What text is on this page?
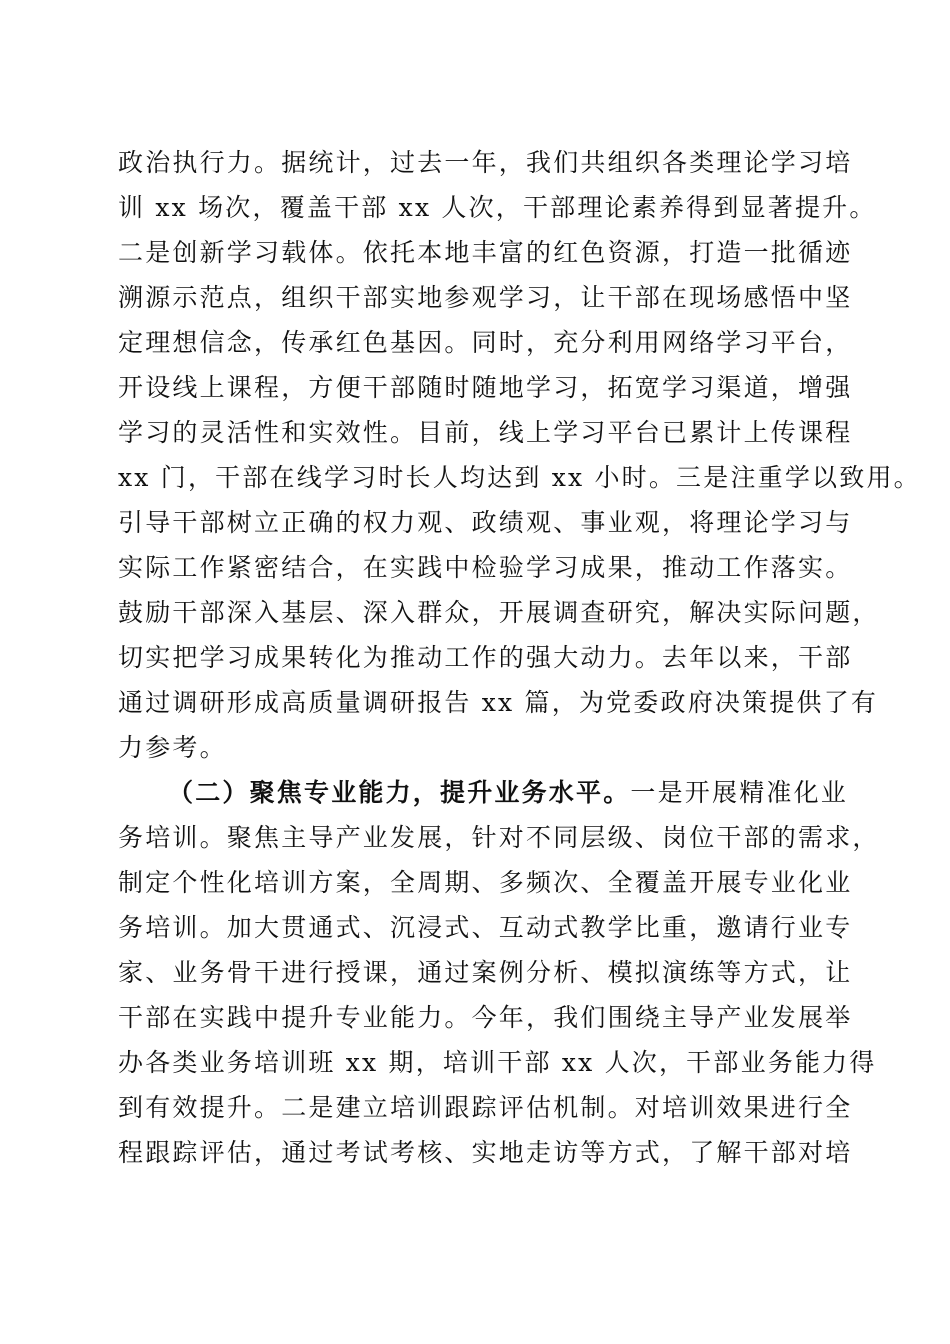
政治执行力。据统计，过去一年，我们共组织各类理论学习培
训 xx 场次，覆盖干部 xx 人次，干部理论素养得到显著提升。
二是创新学习载体。依托本地丰富的红色资源，打造一批循迹
溯源示范点，组织干部实地参观学习，让干部在现场感悟中坚
定理想信念，传承红色基因。同时，充分利用网络学习平台，
开设线上课程，方便干部随时随地学习，拓宽学习渠道，增强
学习的灵活性和实效性。目前，线上学习平台已累计上传课程
xx 门，干部在线学习时长人均达到 xx 小时。三是注重学以致用。
引导干部树立正确的权力观、政绩观、事业观，将理论学习与
实际工作紧密结合，在实践中检验学习成果，推动工作落实。
鼓励干部深入基层、深入群众，开展调查研究，解决实际问题，
切实把学习成果转化为推动工作的强大动力。去年以来，干部
通过调研形成高质量调研报告 xx 篇，为党委政府决策提供了有
力参考。
（二）聚焦专业能力，提升业务水平。一是开展精准化业
务培训。聚焦主导产业发展，针对不同层级、岗位干部的需求，
制定个性化培训方案，全周期、多频次、全覆盖开展专业化业
务培训。加大贯通式、沉浸式、互动式教学比重，邀请行业专
家、业务骨干进行授课，通过案例分析、模拟演练等方式，让
干部在实践中提升专业能力。今年，我们围绕主导产业发展举
办各类业务培训班 xx 期，培训干部 xx 人次，干部业务能力得
到有效提升。二是建立培训跟踪评估机制。对培训效果进行全
程跟踪评估，通过考试考核、实地走访等方式，了解干部对培
